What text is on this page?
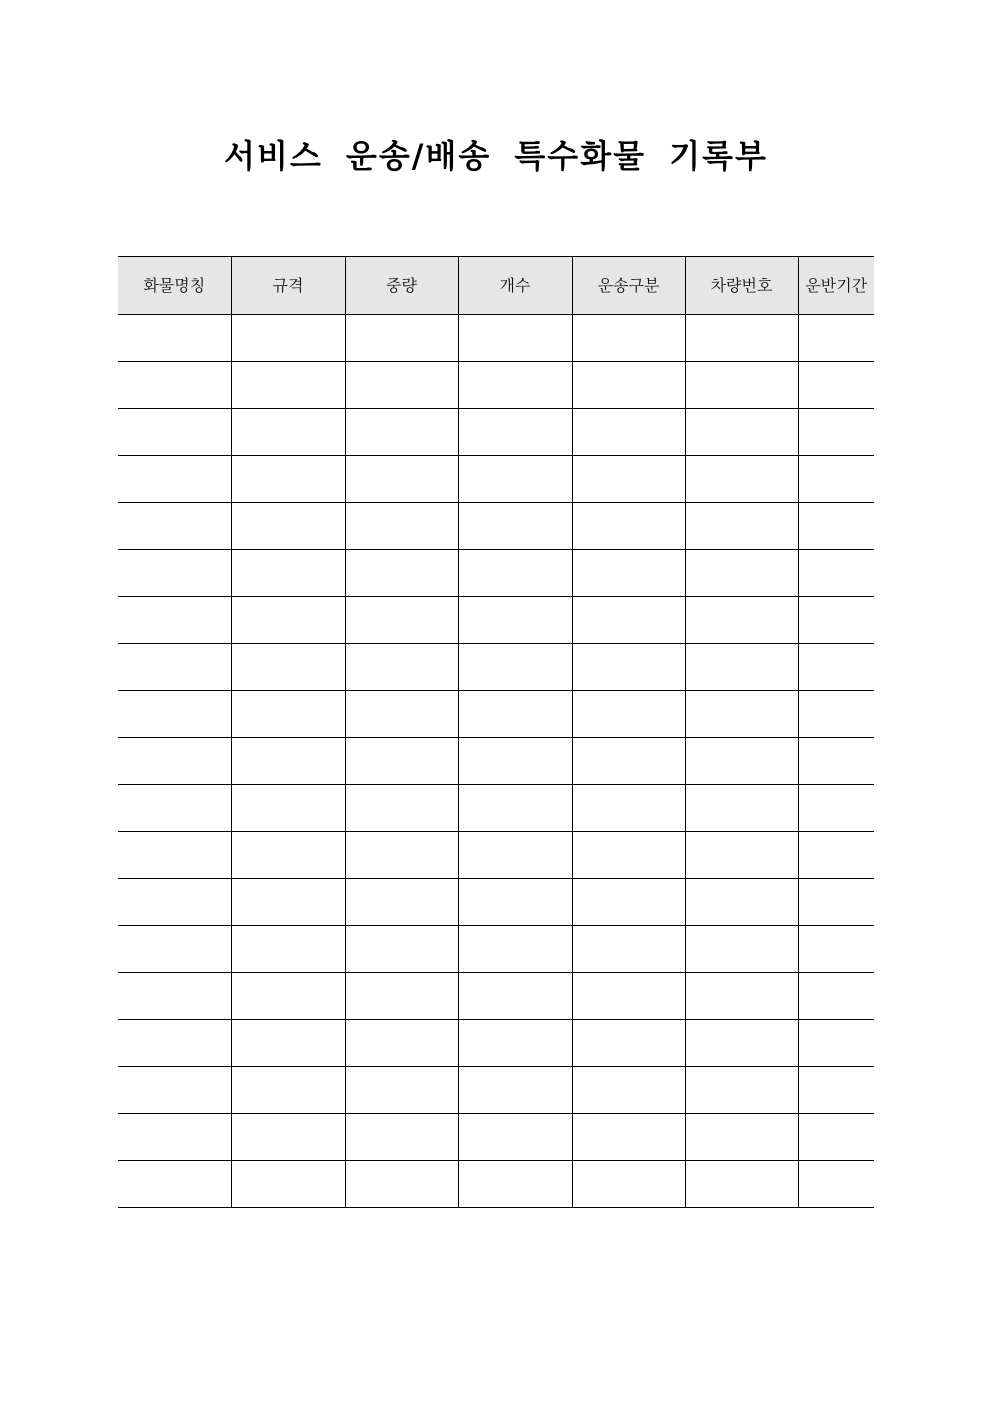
서비스 운송/배송 특수화물 기록부
화물명칭	규격	중량	개수	운송구분	차량번호	운반기간
